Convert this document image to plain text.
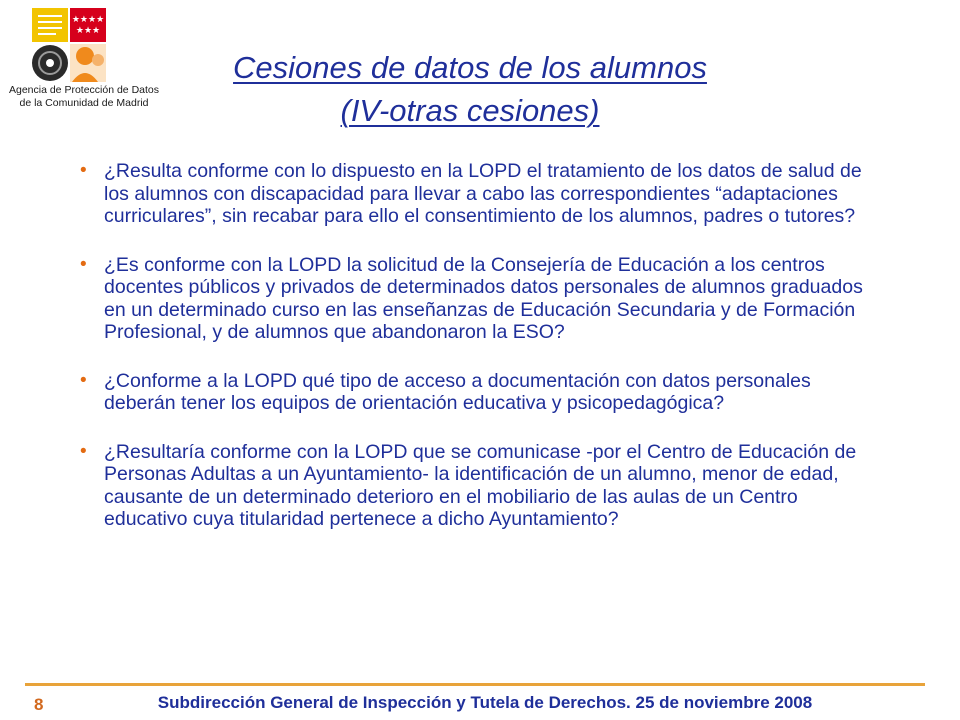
★★★★
★★★
Agencia de Protección de Datos
de la Comunidad de Madrid
Cesiones de datos de los alumnos
(IV-otras cesiones)
• ¿Resulta conforme con lo dispuesto en la LOPD el tratamiento de los datos de salud de los alumnos con discapacidad para llevar a cabo las correspondientes “adaptaciones curriculares”, sin recabar para ello el consentimiento de los alumnos, padres o tutores?
• ¿Es conforme con la LOPD la solicitud de la Consejería de Educación a los centros docentes públicos y privados de determinados datos personales de alumnos graduados en un determinado curso en las enseñanzas de Educación Secundaria y de Formación Profesional, y de alumnos que abandonaron la ESO?
• ¿Conforme a la LOPD qué tipo de acceso a documentación con datos personales deberán tener los equipos de orientación educativa y psicopedagógica?
• ¿Resultaría conforme con la LOPD que se comunicase -por el Centro de Educación de Personas Adultas a un Ayuntamiento- la identificación de un alumno, menor de edad, causante de un determinado deterioro en el mobiliario de las aulas de un Centro educativo cuya titularidad pertenece a dicho Ayuntamiento?
8	Subdirección General de Inspección y Tutela de Derechos. 25 de noviembre 2008
